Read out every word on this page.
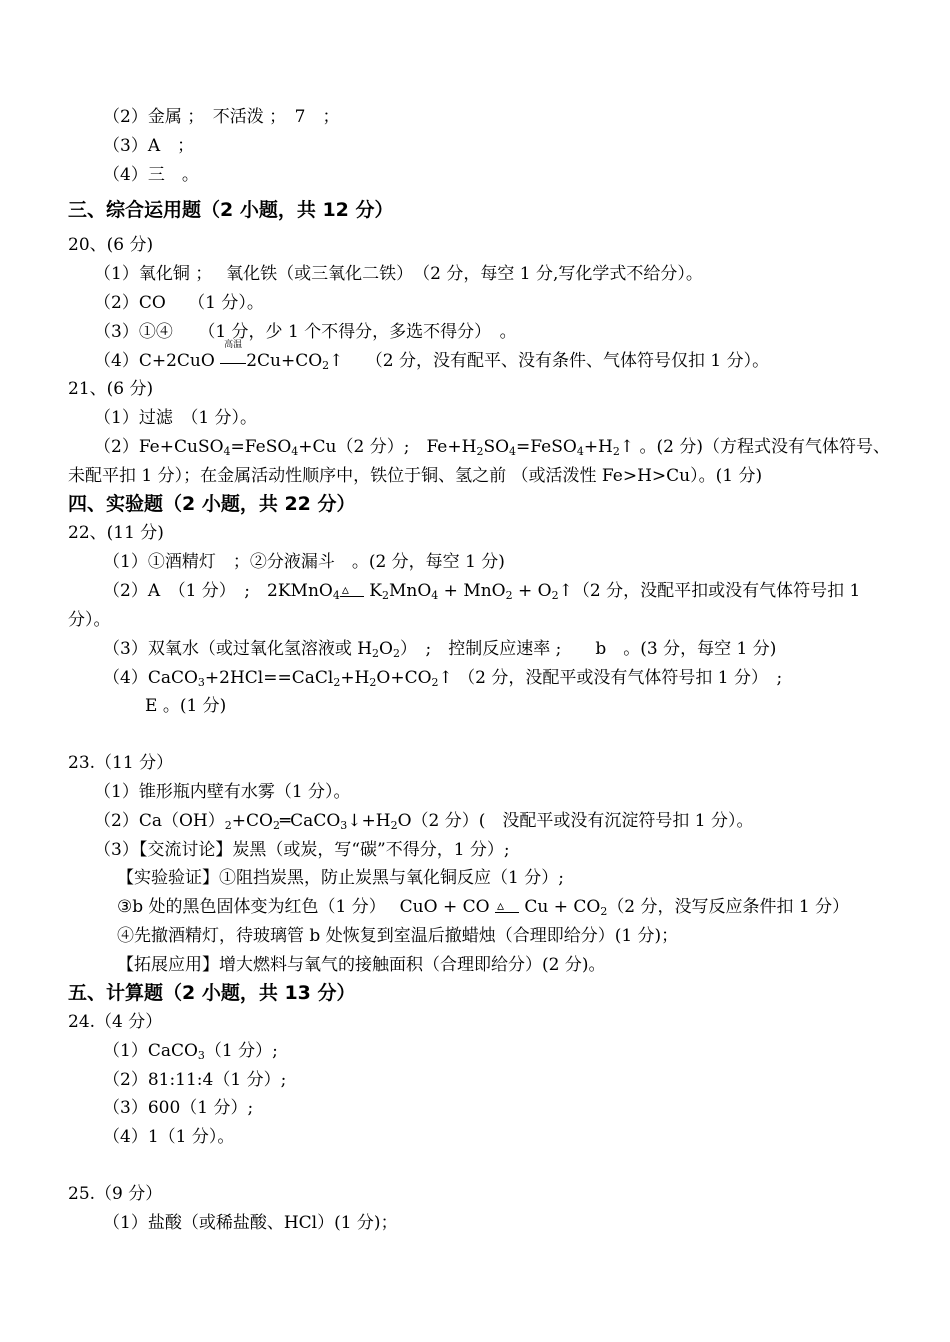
（2）金属 ；　不活泼 ；　7　；
（3）A　；
（4）三　。
三、综合运用题（2 小题，共 12 分）
20、(6 分)
（1）氧化铜 ；　 氧化铁（或三氧化二铁）　（2 分，每空 1 分,写化学式不给分）。
（2）CO　 （1 分）。
（3）①④　　（1 分，少 1 个不得分，多选不得分）　。
（4）C+2CuO
高温
$2Cu+CO_2↑$　 （2 分，没有配平、没有条件、气体符号仅扣 1 分）。
21、(6 分)
（1）过滤　（1 分）。
（2）Fe+CuSO$_4$=FeSO$_4$+Cu（2 分）;　$Fe+H_2SO_4=FeSO_4+H_2↑$ 。(2 分)（方程式没有气体符号、
未配平扣 1 分）；在金属活动性顺序中，铁位于铜、氢之前 （或活泼性 Fe>H>Cu）。(1 分)
四、实验题（2 小题，共 22 分）
22、(11 分)
（1）①酒精灯　；②分液漏斗　。(2 分，每空 1 分)
（2）A　（1 分）　;　2KMnO$_4$▵ $K_2MnO_4 + MnO_2$ + $O_2↑(2$ 分，没配平扣或没有气体符号扣 1
分）。
（3）双氧水（或过氧化氢溶液或 $H_2O_2$）　;　控制反应速率 ;　　b　。(3 分，每空 1 分)
$(4)CaCO_3+2HCl==CaCl_2+H_2O+CO_2↑$ （2 分，没配平或没有气体符号扣 1 分）　;
E 。(1 分)
23.（11 分）
（1）锥形瓶内壁有水雾（1 分）。
$(2)Ca(OH)_2+CO_2═CaCO_3↓+H_2O(2$ 分）(　没配平或没有沉淀符号扣 1 分）。
（3）【交流讨论】炭黑（或炭，写“碳”不得分，1 分）;
【实验验证】①阻挡炭黑，防止炭黑与氧化铜反应（1 分）;
③b 处的黑色固体变为红色（1 分）　 CuO + CO ▵ $Cu + CO_2(2$ 分，没写反应条件扣 1 分）
④先撤酒精灯，待玻璃管 b 处恢复到室温后撤蜡烛（合理即给分）(1 分)；
【拓展应用】增大燃料与氧气的接触面积（合理即给分）(2 分)。
五、计算题（2 小题，共 13 分）
24.（4 分）
（1）CaCO$_3$（1 分）;
（2）81:11:4（1 分）;
（3）600（1 分）;
（4）1（1 分）。
25.（9 分）
（1）盐酸（或稀盐酸、HCl）(1 分)；
